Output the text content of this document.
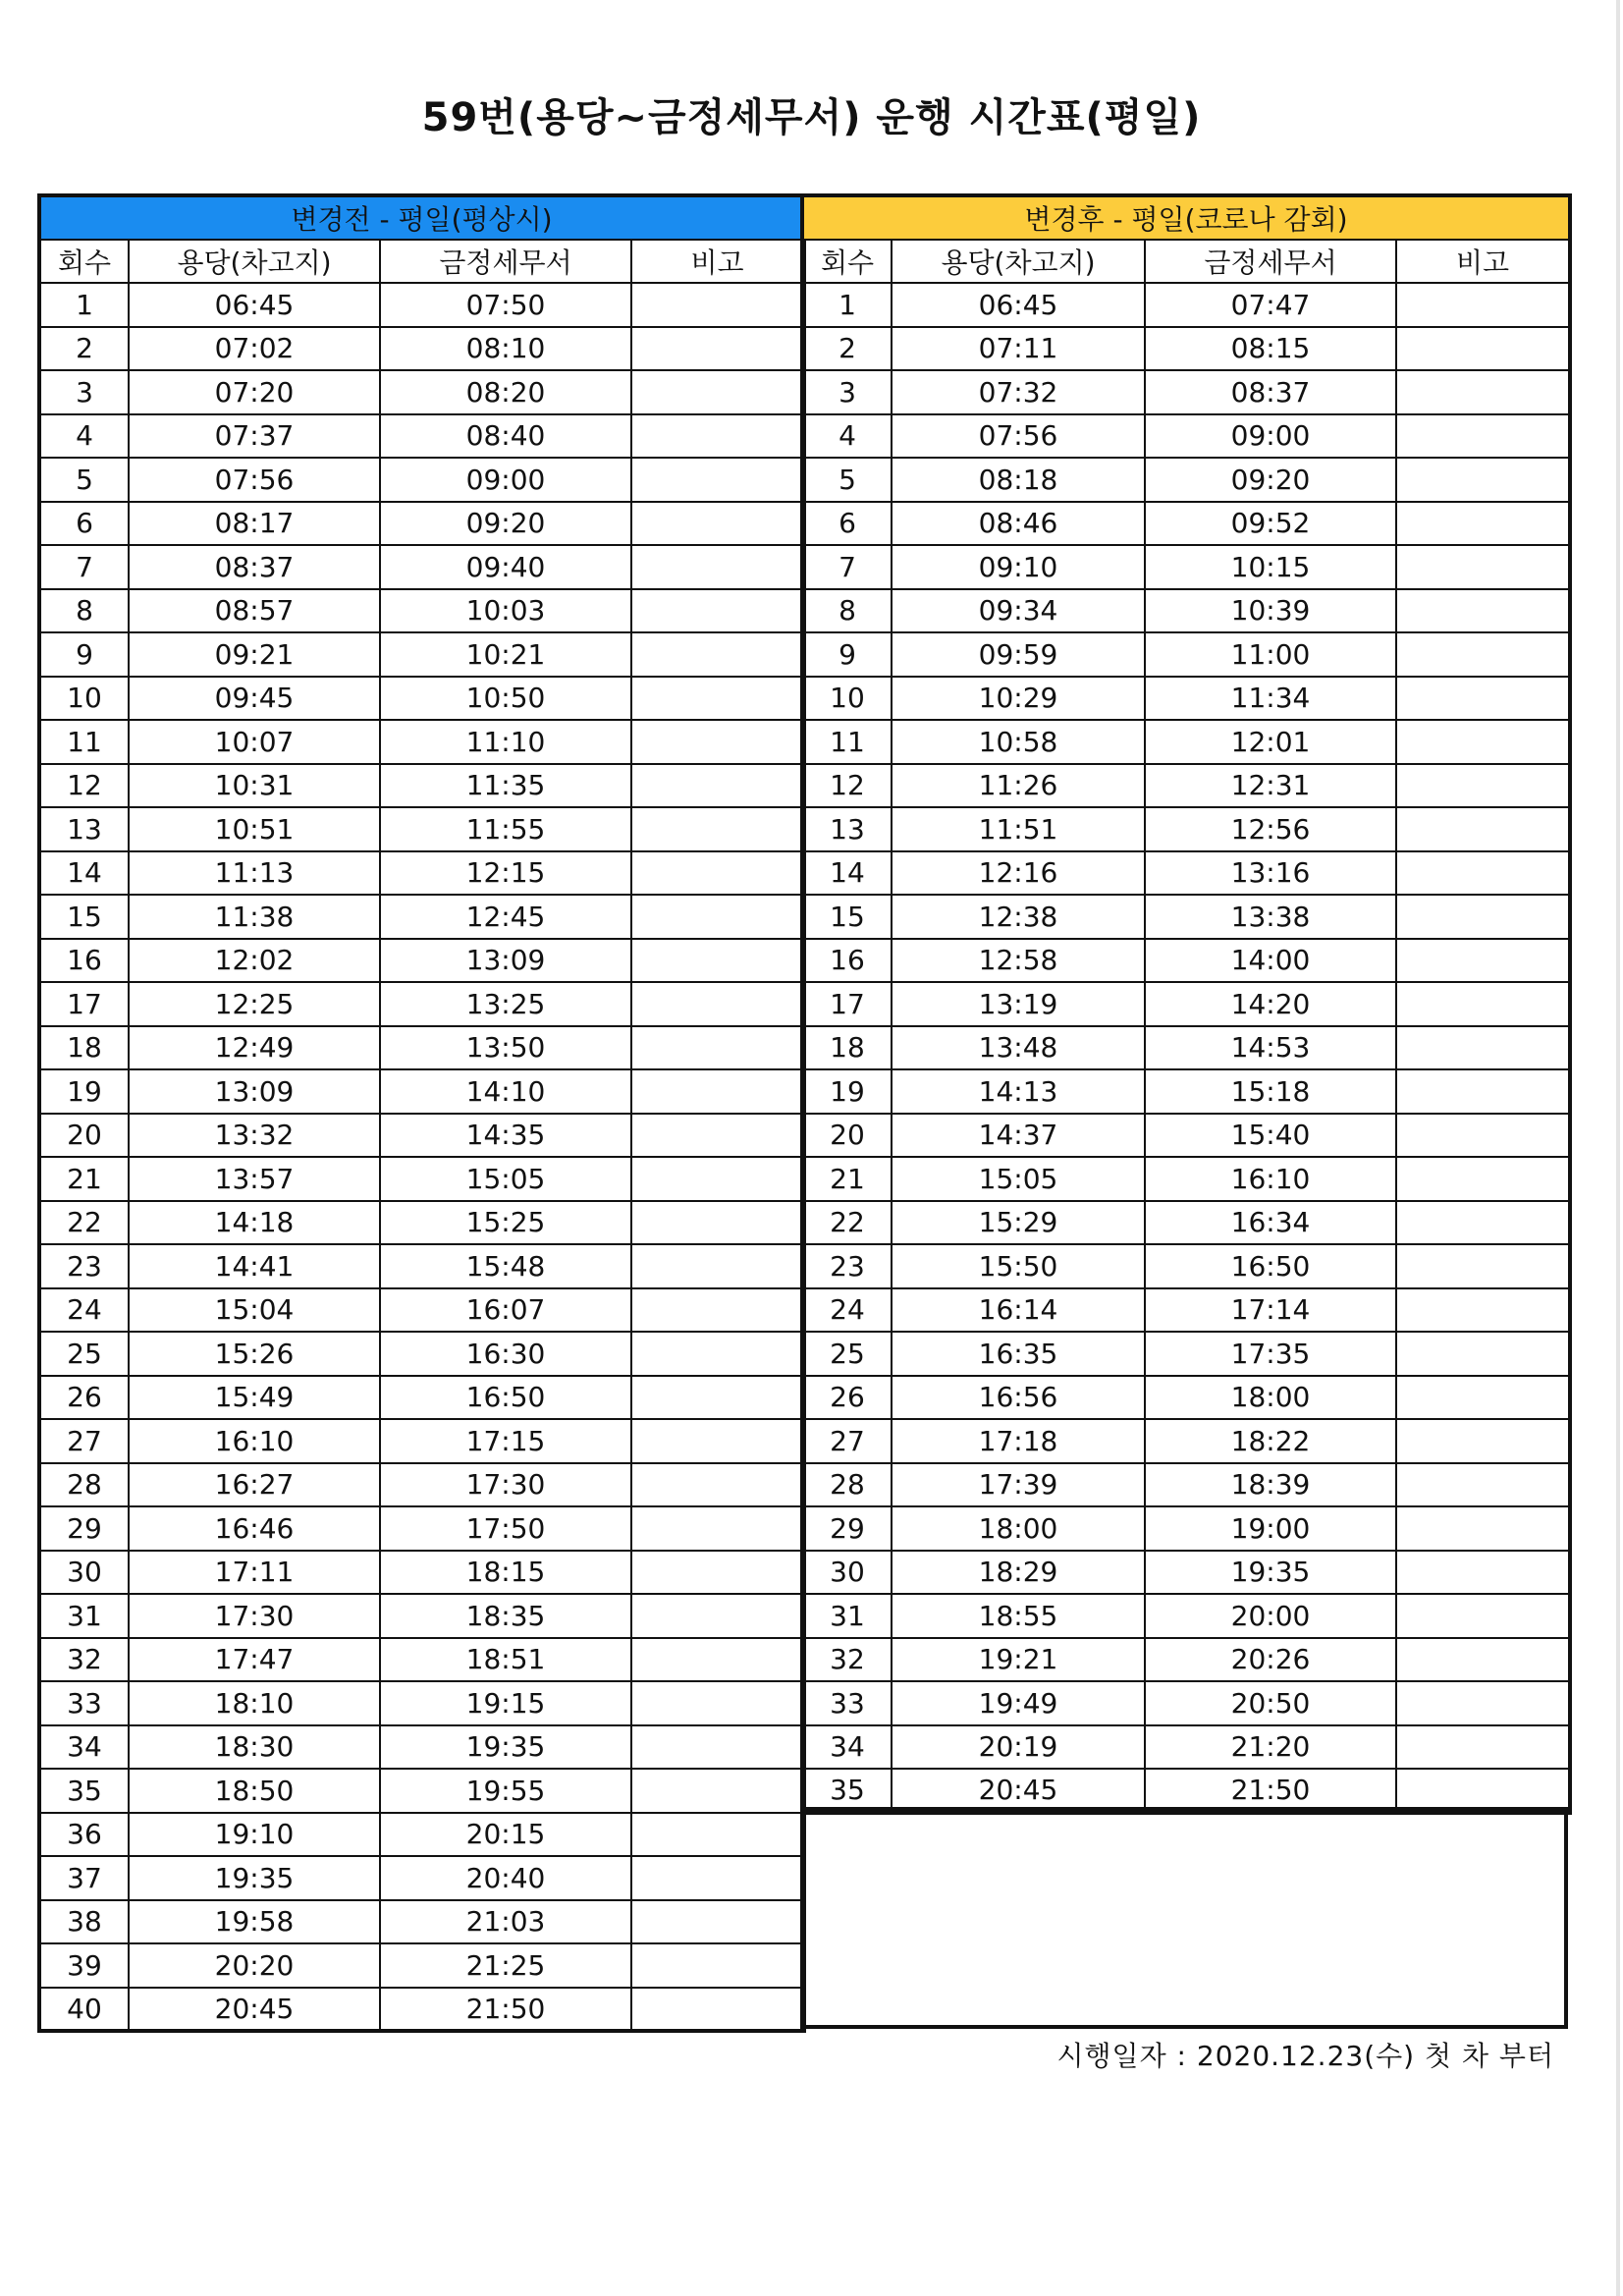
59번(용당~금정세무서) 운행 시간표(평일)
변경전 - 평일(평상시)			
회수	용당(차고지)	금정세무서	비고
1	06:45	07:50	
2	07:02	08:10	
3	07:20	08:20	
4	07:37	08:40	
5	07:56	09:00	
6	08:17	09:20	
7	08:37	09:40	
8	08:57	10:03	
9	09:21	10:21	
10	09:45	10:50	
11	10:07	11:10	
12	10:31	11:35	
13	10:51	11:55	
14	11:13	12:15	
15	11:38	12:45	
16	12:02	13:09	
17	12:25	13:25	
18	12:49	13:50	
19	13:09	14:10	
20	13:32	14:35	
21	13:57	15:05	
22	14:18	15:25	
23	14:41	15:48	
24	15:04	16:07	
25	15:26	16:30	
26	15:49	16:50	
27	16:10	17:15	
28	16:27	17:30	
29	16:46	17:50	
30	17:11	18:15	
31	17:30	18:35	
32	17:47	18:51	
33	18:10	19:15	
34	18:30	19:35	
35	18:50	19:55	
36	19:10	20:15	
37	19:35	20:40	
38	19:58	21:03	
39	20:20	21:25	
40	20:45	21:50	
변경후 - 평일(코로나 감회)			
회수	용당(차고지)	금정세무서	비고
1	06:45	07:47	
2	07:11	08:15	
3	07:32	08:37	
4	07:56	09:00	
5	08:18	09:20	
6	08:46	09:52	
7	09:10	10:15	
8	09:34	10:39	
9	09:59	11:00	
10	10:29	11:34	
11	10:58	12:01	
12	11:26	12:31	
13	11:51	12:56	
14	12:16	13:16	
15	12:38	13:38	
16	12:58	14:00	
17	13:19	14:20	
18	13:48	14:53	
19	14:13	15:18	
20	14:37	15:40	
21	15:05	16:10	
22	15:29	16:34	
23	15:50	16:50	
24	16:14	17:14	
25	16:35	17:35	
26	16:56	18:00	
27	17:18	18:22	
28	17:39	18:39	
29	18:00	19:00	
30	18:29	19:35	
31	18:55	20:00	
32	19:21	20:26	
33	19:49	20:50	
34	20:19	21:20	
35	20:45	21:50	
시행일자 : 2020.12.23(수) 첫 차 부터
